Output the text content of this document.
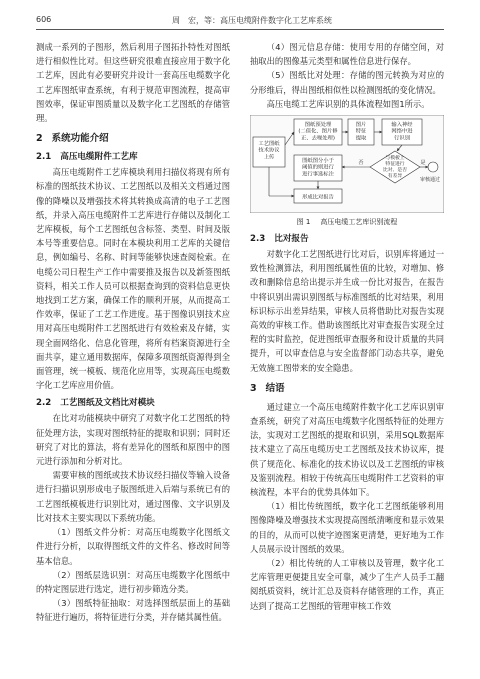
606	周　宏，等：高压电缆附件数字化工艺库系统

测成一系列的子图形，然后利用子图拓扑特性对图纸进行相似性比对。但这些研究很难直接应用于数字化工艺库，因此有必要研究并设计一套高压电缆数字化工艺库图纸审查系统，有利于规范审图流程，提高审图效率，保证审图质量以及数字化工艺图纸的存储管理。

2 系统功能介绍
2.1 高压电缆附件工艺库

高压电缆附件工艺库模块利用扫描仪将现有所有标准的图纸技术协议、工艺图纸以及相关文档通过图像的降噪以及增强技术将其转换成高清的电子工艺图纸，并录入高压电缆附件工艺库进行存储以及制化工艺库模板，每个工艺图纸包含标签、类型、时间及版本号等重要信息。同时在本模块利用工艺库的关键信息，例如编号、名称、时间等能够快速查阅检索。在电缆公司日程生产工作中需要推及报告以及新签图纸资料，相关工作人员可以根据查询到的资料信息更快地找到工艺方案，确保工作的顺利开展，从而提高工作效率，保证了工艺工作进度。基于图像识别技术应用对高压电缆附件工艺图纸进行有效检索及存储，实现全面网络化、信息化管理，将所有档案资源进行全面共享，建立通用数据库，保障多项图纸资源得到全面管理，统一模板、规范化应用等，实现高压电缆数字化工艺库应用价值。

2.2 工艺图纸及文档比对模块

在比对功能模块中研究了对数字化工艺图纸的特征处理方法，实现对图纸特征的提取和识别；同时还研究了对比的算法，将有差异化的图纸和原图中的图元进行添加和分析对比。

需要审核的图纸或技术协议经扫描仪等输入设备进行扫描识别形成电子版图纸进入后端与系统已有的工艺图纸模板进行识别比对，通过图像、文字识别及比对技术主要实现以下系统功能。

（1）图纸文件分析：对高压电缆数字化图纸文件进行分析，以取得图纸文件的文件名、修改时间等基本信息。

（2）图纸层选识别：对高压电缆数字化图纸中的特定图层进行选定，进行初步筛选分类。

（3）图纸特征抽取：对选择图纸层面上的基础特征进行遍历，将特征进行分类，并存储其属性值。

（4）图元信息存储：使用专用的存储空间，对抽取出的图像基元类型和属性信息进行保存。

（5）图纸比对处理：存储的图元转换为对应的分形维后，得出图纸相似性以检测图纸的变化情况。

高压电缆工艺库识别的具体流程如图1所示。

工艺图纸技术协议上传
图纸预处理(二值化、图片修正、去噪处理)
图片特征提取
输入神经网络中进行识别
与模板上特征进行比对、是否有差异
图纸图分小于阈值的则进行进行事选标注
形成比对报告
审核通过
否	是
图 1 高压电缆工艺库识别流程
2.3 比对报告

对数字化工艺图纸进行比对后，识别库将通过一致性检测算法，利用图纸属性值的比较，对增加、修改和删除信息给出提示并生成一份比对报告，在报告中将识别出需识别图纸与标准图纸的比对结果，利用标识标示出差异结果，审核人员将借助比对报告实现高效的审核工作。借助该图纸比对审查报告实现全过程的实时监控，促进图纸审查服务和设计质量的共同提升，可以审查信息与安全监督部门动态共享，避免无效施工图带来的安全隐患。

3 结语

通过建立一个高压电缆附件数字化工艺库识别审查系统，研究了对高压电缆数字化图纸特征的处理方法，实现对工艺图纸的提取和识别，采用SQL数据库技术建立了高压电缆历史工艺图纸及技术协议库，提供了规范化、标准化的技术协议以及工艺图纸的审核及鉴别流程。相较于传统高压电缆附件工艺资料的审核流程，本平台的优势具体如下。

（1）相比传统图纸，数字化工艺图纸能够利用图像降噪及增强技术实现提高图纸清晰度和显示效果的目的，从而可以使字迹图案更清楚，更好地为工作人员展示设计图纸的效果。

（2）相比传统的人工审核以及管理，数字化工艺库管理更便捷且安全可靠，减少了生产人员手工翻阅纸质资料，统计汇总及资料存储管理的工作，真正达到了提高工艺图纸的管理审核工作效
